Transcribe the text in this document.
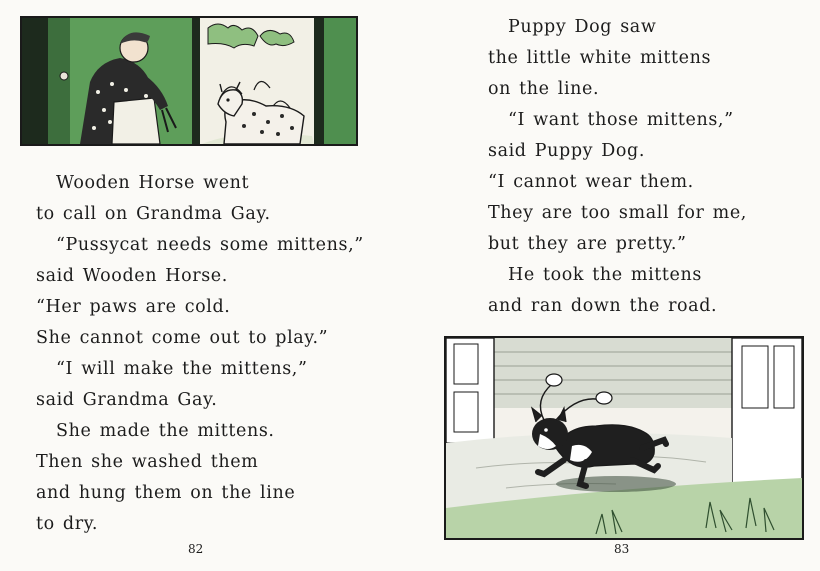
Wooden Horse went
to call on Grandma Gay.
“Pussycat needs some mittens,”
said Wooden Horse.
“Her paws are cold.
She cannot come out to play.”
“I will make the mittens,”
said Grandma Gay.
She made the mittens.
Then she washed them
and hung them on the line
to dry.
82
Puppy Dog saw
the little white mittens
on the line.
“I want those mittens,”
said Puppy Dog.
“I cannot wear them.
They are too small for me,
but they are pretty.”
He took the mittens
and ran down the road.
83
